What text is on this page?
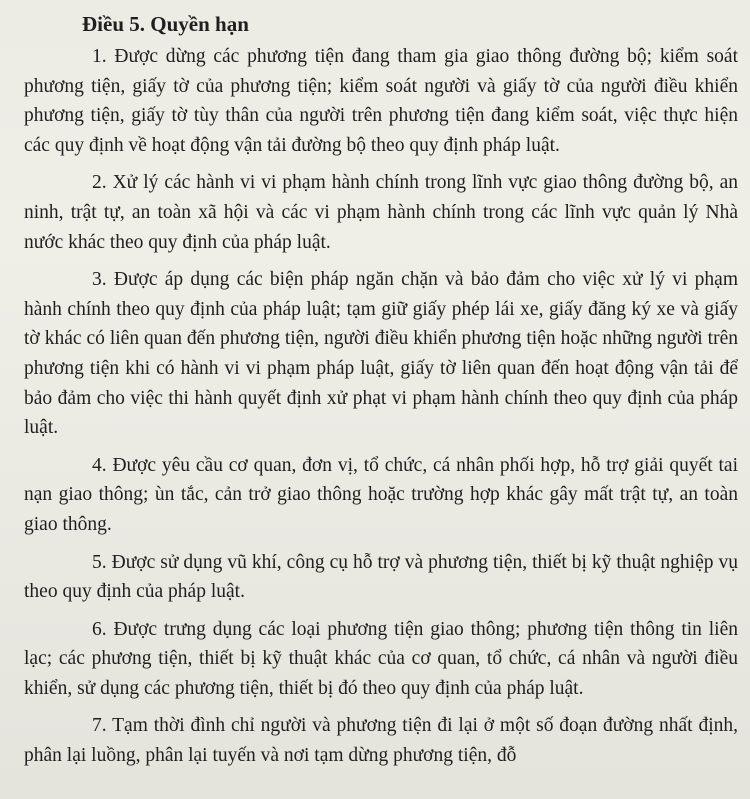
Điều 5. Quyền hạn

1. Được dừng các phương tiện đang tham gia giao thông đường bộ; kiểm soát phương tiện, giấy tờ của phương tiện; kiểm soát người và giấy tờ của người điều khiển phương tiện, giấy tờ tùy thân của người trên phương tiện đang kiểm soát, việc thực hiện các quy định về hoạt động vận tải đường bộ theo quy định pháp luật.

2. Xử lý các hành vi vi phạm hành chính trong lĩnh vực giao thông đường bộ, an ninh, trật tự, an toàn xã hội và các vi phạm hành chính trong các lĩnh vực quản lý Nhà nước khác theo quy định của pháp luật.

3. Được áp dụng các biện pháp ngăn chặn và bảo đảm cho việc xử lý vi phạm hành chính theo quy định của pháp luật; tạm giữ giấy phép lái xe, giấy đăng ký xe và giấy tờ khác có liên quan đến phương tiện, người điều khiển phương tiện hoặc những người trên phương tiện khi có hành vi vi phạm pháp luật, giấy tờ liên quan đến hoạt động vận tải để bảo đảm cho việc thi hành quyết định xử phạt vi phạm hành chính theo quy định của pháp luật.

4. Được yêu cầu cơ quan, đơn vị, tổ chức, cá nhân phối hợp, hỗ trợ giải quyết tai nạn giao thông; ùn tắc, cản trở giao thông hoặc trường hợp khác gây mất trật tự, an toàn giao thông.

5. Được sử dụng vũ khí, công cụ hỗ trợ và phương tiện, thiết bị kỹ thuật nghiệp vụ theo quy định của pháp luật.

6. Được trưng dụng các loại phương tiện giao thông; phương tiện thông tin liên lạc; các phương tiện, thiết bị kỹ thuật khác của cơ quan, tổ chức, cá nhân và người điều khiển, sử dụng các phương tiện, thiết bị đó theo quy định của pháp luật.

7. Tạm thời đình chỉ người và phương tiện đi lại ở một số đoạn đường nhất định, phân lại luồng, phân lại tuyến và nơi tạm dừng phương tiện, đỗ
